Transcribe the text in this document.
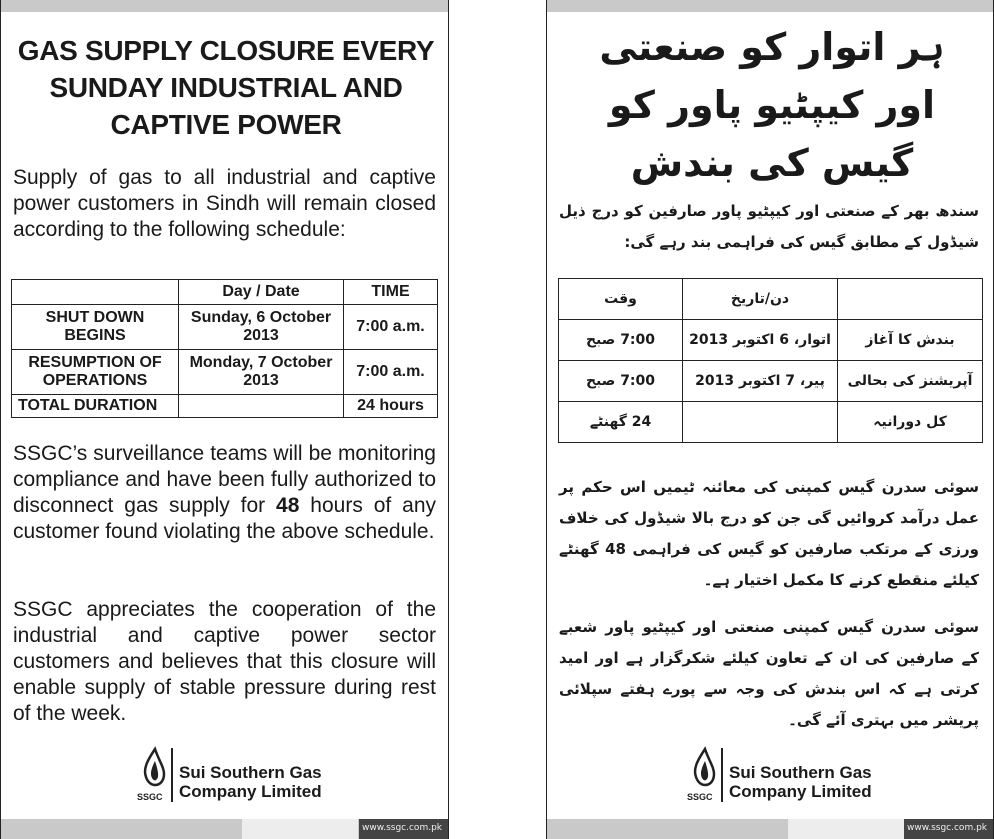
GAS SUPPLY CLOSURE EVERY SUNDAY INDUSTRIAL AND CAPTIVE POWER
Supply of gas to all industrial and captive power customers in Sindh will remain closed according to the following schedule:
	Day / Date	TIME
SHUT DOWN BEGINS	Sunday, 6 October 2013	7:00 a.m.
RESUMPTION OF OPERATIONS	Monday, 7 October 2013	7:00 a.m.
TOTAL DURATION		24 hours
SSGC’s surveillance teams will be monitoring compliance and have been fully authorized to disconnect gas supply for 48 hours of any customer found violating the above schedule.
SSGC appreciates the cooperation of the industrial and captive power sector customers and believes that this closure will enable supply of stable pressure during rest of the week.
SSGC
Sui Southern Gas
Company Limited
www.ssgc.com.pk
ہر اتوار کو صنعتی اور کیپٹیو پاور کو گیس کی بندش
سندھ بھر کے صنعتی اور کیپٹیو پاور صارفین کو درج ذیل شیڈول کے مطابق گیس کی فراہمی بند رہے گی:
	دن/تاریخ	وقت
بندش کا آغاز	اتوار، 6 اکتوبر 2013	7:00 صبح
آپریشنز کی بحالی	پیر، 7 اکتوبر 2013	7:00 صبح
کل دورانیہ		24 گھنٹے
سوئی سدرن گیس کمپنی کی معائنہ ٹیمیں اس حکم پر عمل درآمد کروائیں گی جن کو درج بالا شیڈول کی خلاف ورزی کے مرتکب صارفین کو گیس کی فراہمی 48 گھنٹے کیلئے منقطع کرنے کا مکمل اختیار ہے۔
سوئی سدرن گیس کمپنی صنعتی اور کیپٹیو پاور شعبے کے صارفین کی ان کے تعاون کیلئے شکرگزار ہے اور امید کرتی ہے کہ اس بندش کی وجہ سے پورے ہفتے سپلائی پریشر میں بہتری آئے گی۔
SSGC
Sui Southern Gas
Company Limited
www.ssgc.com.pk
